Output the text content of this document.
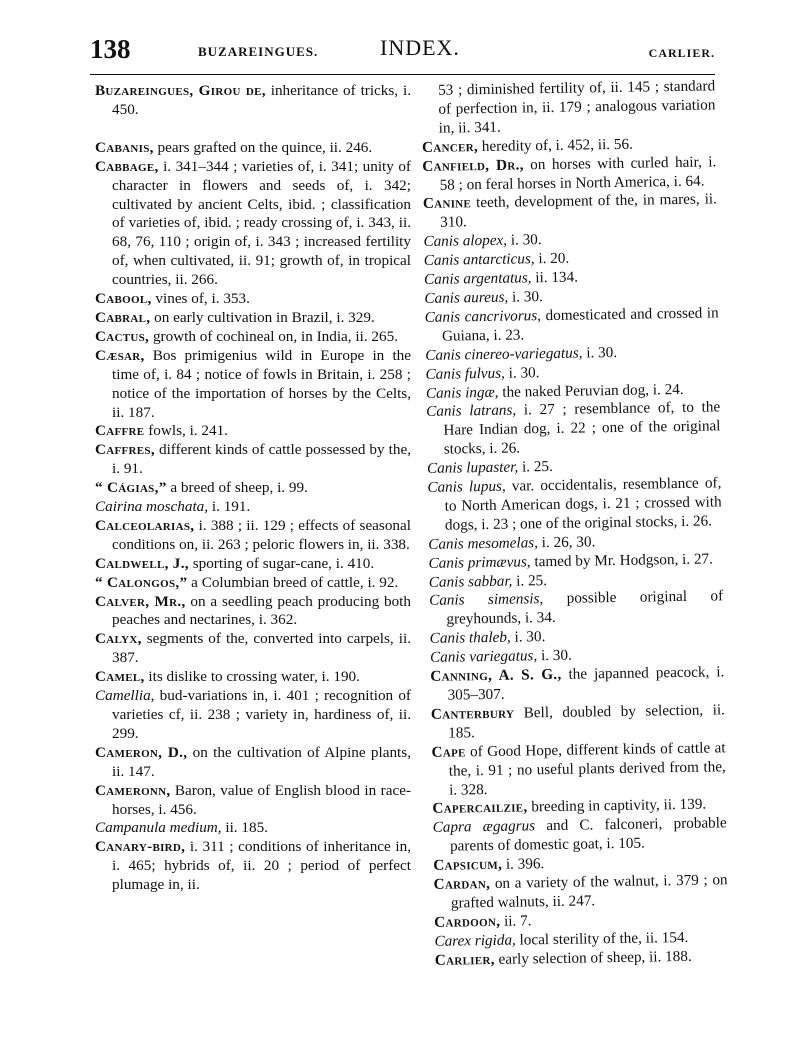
138	BUZAREINGUES.	INDEX.	CARLIER.

Buzareingues, Girou de, inheritance of tricks, i. 450.

Cabanis, pears grafted on the quince, ii. 246.

Cabbage, i. 341–344 ; varieties of, i. 341; unity of character in flowers and seeds of, i. 342; cultivated by ancient Celts, ibid. ; classification of varieties of, ibid. ; ready crossing of, i. 343, ii. 68, 76, 110 ; origin of, i. 343 ; increased fertility of, when cultivated, ii. 91; growth of, in tropical countries, ii. 266.

Cabool, vines of, i. 353.

Cabral, on early cultivation in Brazil, i. 329.

Cactus, growth of cochineal on, in India, ii. 265.

Cæsar, Bos primigenius wild in Europe in the time of, i. 84 ; notice of fowls in Britain, i. 258 ; notice of the importation of horses by the Celts, ii. 187.

Caffre fowls, i. 241.

Caffres, different kinds of cattle possessed by the, i. 91.

“ Cágias,” a breed of sheep, i. 99.

Cairina moschata, i. 191.

Calceolarias, i. 388 ; ii. 129 ; effects of seasonal conditions on, ii. 263 ; peloric flowers in, ii. 338.

Caldwell, J., sporting of sugar-cane, i. 410.

“ Calongos,” a Columbian breed of cattle, i. 92.

Calver, Mr., on a seedling peach producing both peaches and nectarines, i. 362.

Calyx, segments of the, converted into carpels, ii. 387.

Camel, its dislike to crossing water, i. 190.

Camellia, bud-variations in, i. 401 ; recognition of varieties cf, ii. 238 ; variety in, hardiness of, ii. 299.

Cameron, D., on the cultivation of Alpine plants, ii. 147.

Cameronn, Baron, value of English blood in race-horses, i. 456.

Campanula medium, ii. 185.

Canary-bird, i. 311 ; conditions of inheritance in, i. 465; hybrids of, ii. 20 ; period of perfect plumage in, ii.

53 ; diminished fertility of, ii. 145 ; standard of perfection in, ii. 179 ; analogous variation in, ii. 341.

Cancer, heredity of, i. 452, ii. 56.

Canfield, Dr., on horses with curled hair, i. 58 ; on feral horses in North America, i. 64.

Canine teeth, development of the, in mares, ii. 310.

Canis alopex, i. 30.

Canis antarcticus, i. 20.

Canis argentatus, ii. 134.

Canis aureus, i. 30.

Canis cancrivorus, domesticated and crossed in Guiana, i. 23.

Canis cinereo-variegatus, i. 30.

Canis fulvus, i. 30.

Canis ingæ, the naked Peruvian dog, i. 24.

Canis latrans, i. 27 ; resemblance of, to the Hare Indian dog, i. 22 ; one of the original stocks, i. 26.

Canis lupaster, i. 25.

Canis lupus, var. occidentalis, resemblance of, to North American dogs, i. 21 ; crossed with dogs, i. 23 ; one of the original stocks, i. 26.

Canis mesomelas, i. 26, 30.

Canis primævus, tamed by Mr. Hodgson, i. 27.

Canis sabbar, i. 25.

Canis simensis, possible original of greyhounds, i. 34.

Canis thaleb, i. 30.

Canis variegatus, i. 30.

Canning, A. S. G., the japanned peacock, i. 305–307.

Canterbury Bell, doubled by selection, ii. 185.

Cape of Good Hope, different kinds of cattle at the, i. 91 ; no useful plants derived from the, i. 328.

Capercailzie, breeding in captivity, ii. 139.

Capra ægagrus and C. falconeri, probable parents of domestic goat, i. 105.

Capsicum, i. 396.

Cardan, on a variety of the walnut, i. 379 ; on grafted walnuts, ii. 247.

Cardoon, ii. 7.

Carex rigida, local sterility of the, ii. 154.

Carlier, early selection of sheep, ii. 188.
